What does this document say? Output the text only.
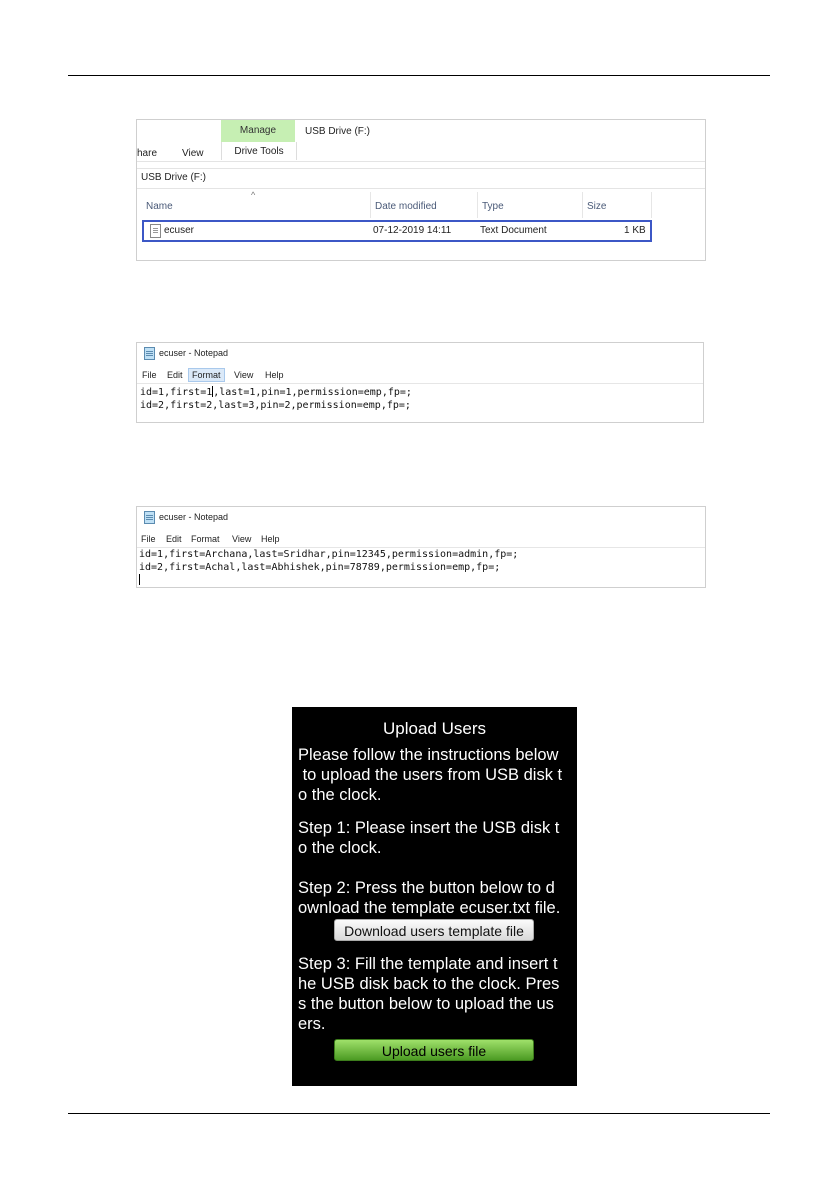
hare View
Manage
Drive Tools
USB Drive (F:)
USB Drive (F:)
^
Name	Date modified	Type	Size
ecuser	07-12-2019 14:11	Text Document	1 KB
ecuser - Notepad
File Edit	Format	View Help
id=1,first=1,last=1,pin=1,permission=emp,fp=;
id=2,first=2,last=3,pin=2,permission=emp,fp=;
ecuser - Notepad
File Edit Format View Help
id=1,first=Archana,last=Sridhar,pin=12345,permission=admin,fp=;
id=2,first=Achal,last=Abhishek,pin=78789,permission=emp,fp=;

Upload Users
Please follow the instructions below
to upload the users from USB disk t
o the clock.
Step 1: Please insert the USB disk t
o the clock.
Step 2: Press the button below to d
ownload the template ecuser.txt file.
Download users template file
Step 3: Fill the template and insert t
he USB disk back to the clock. Pres
s the button below to upload the us
ers.
Upload users file
